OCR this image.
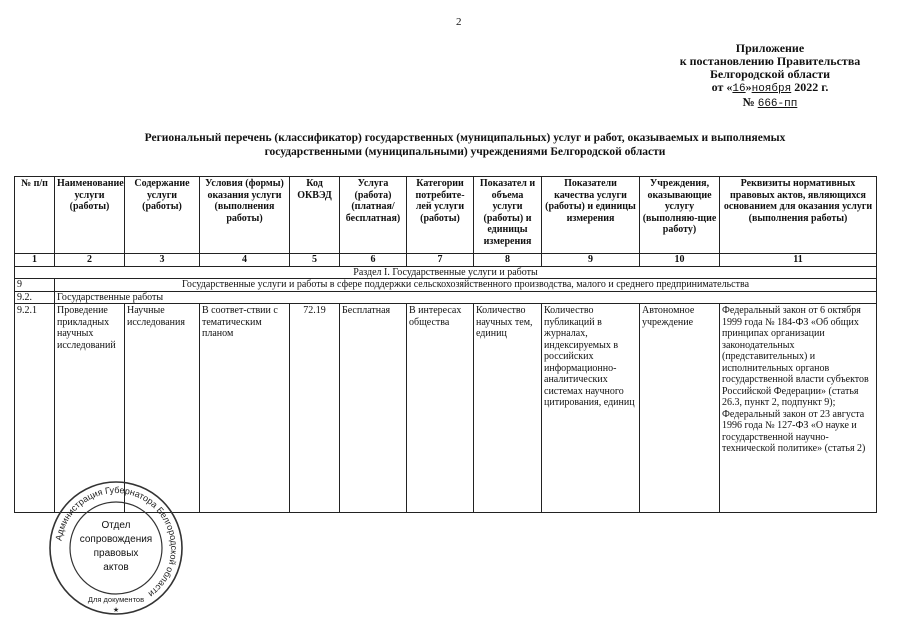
2
Приложение
к постановлению Правительства
Белгородской области
от «16»ноября 2022 г.
№ 666-пп
Региональный перечень (классификатор) государственных (муниципальных) услуг и работ, оказываемых и выполняемых
государственными (муниципальными) учреждениями Белгородской области
№ п/п	Наименование услуги (работы)	Содержание услуги (работы)	Условия (формы) оказания услуги (выполнения работы)	Код ОКВЭД	Услуга (работа) (платная/ бесплатная)	Категории потребите-лей услуги (работы)	Показател и объема услуги (работы) и единицы измерения	Показатели качества услуги (работы) и единицы измерения	Учреждения, оказывающие услугу (выполняю-щие работу)	Реквизиты нормативных правовых актов, являющихся основанием для оказания услуги (выполнения работы)
1	2	3	4	5	6	7	8	9	10	11
Раздел I. Государственные услуги и работы										
9	Государственные услуги и работы в сфере поддержки сельскохозяйственного производства, малого и среднего предпринимательства									
9.2.	Государственные работы									
9.2.1	Проведение прикладных научных исследований	Научные исследования	В соответ-ствии с тематическим планом	72.19	Бесплатная	В интересах общества	Количество научных тем, единиц	Количество публикаций в журналах, индексируемых в российских информационно-аналитических системах научного цитирования, единиц	Автономное учреждение	Федеральный закон от 6 октября 1999 года № 184-ФЗ «Об общих принципах организации законодательных (представительных) и исполнительных органов государственной власти субъектов Российской Федерации» (статья 26.3, пункт 2, подпункт 9); Федеральный закон от 23 августа 1996 года № 127-ФЗ «О науке и государственной научно-технической политике» (статья 2)
Администрация Губернатора Белгородской области
Для документов
Отдел
сопровождения
правовых
актов
★
